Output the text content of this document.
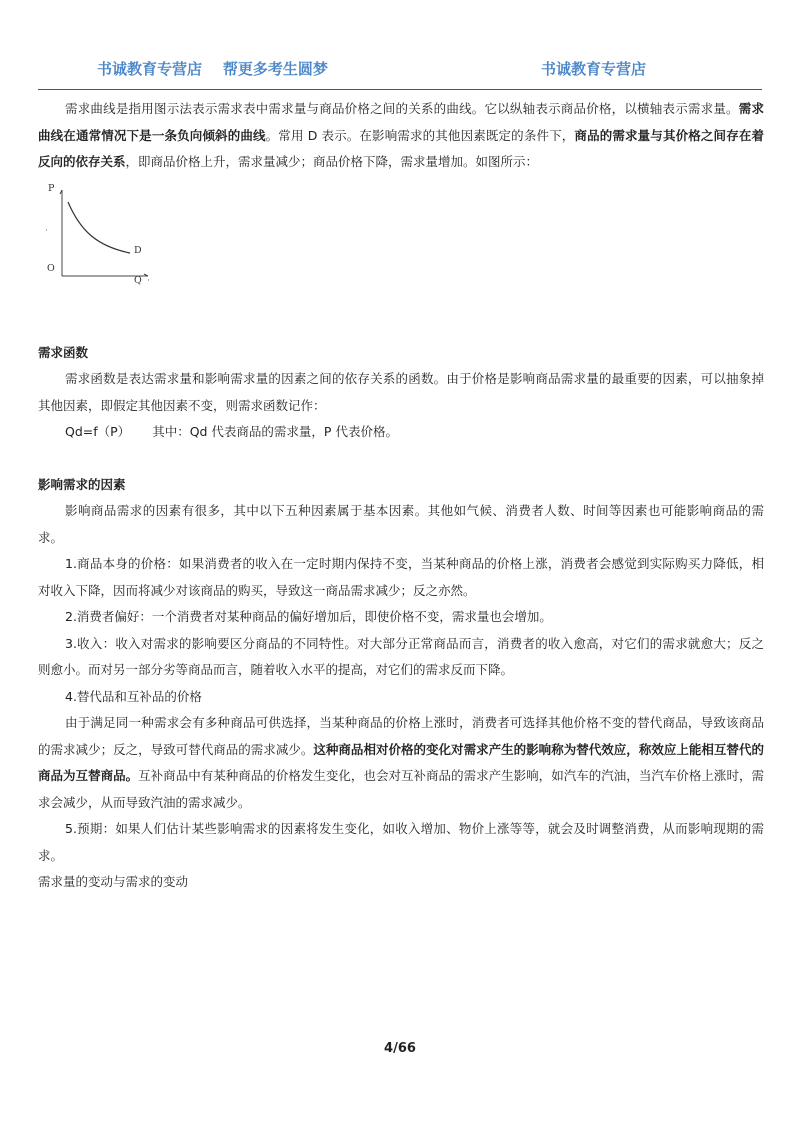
书诚教育专营店    帮更多考生圆梦	书诚教育专营店

需求曲线是指用图示法表示需求表中需求量与商品价格之间的关系的曲线。它以纵轴表示商品价格，以横轴表示需求量。需求曲线在通常情况下是一条负向倾斜的曲线。常用 D 表示。在影响需求的其他因素既定的条件下，商品的需求量与其价格之间存在着反向的依存关系，即商品价格上升，需求量减少；商品价格下降，需求量增加。如图所示：

P
D
O
Q

需求函数

需求函数是表达需求量和影响需求量的因素之间的依存关系的函数。由于价格是影响商品需求量的最重要的因素，可以抽象掉其他因素，即假定其他因素不变，则需求函数记作：

Qd=f（P） 其中：Qd 代表商品的需求量，P 代表价格。

影响需求的因素

影响商品需求的因素有很多，其中以下五种因素属于基本因素。其他如气候、消费者人数、时间等因素也可能影响商品的需求。

1.商品本身的价格：如果消费者的收入在一定时期内保持不变，当某种商品的价格上涨，消费者会感觉到实际购买力降低，相对收入下降，因而将减少对该商品的购买，导致这一商品需求减少；反之亦然。

2.消费者偏好：一个消费者对某种商品的偏好增加后，即使价格不变，需求量也会增加。

3.收入：收入对需求的影响要区分商品的不同特性。对大部分正常商品而言，消费者的收入愈高，对它们的需求就愈大；反之则愈小。而对另一部分劣等商品而言，随着收入水平的提高，对它们的需求反而下降。

4.替代品和互补品的价格

由于满足同一种需求会有多种商品可供选择，当某种商品的价格上涨时，消费者可选择其他价格不变的替代商品，导致该商品的需求减少；反之，导致可替代商品的需求减少。这种商品相对价格的变化对需求产生的影响称为替代效应，称效应上能相互替代的商品为互替商品。互补商品中有某种商品的价格发生变化，也会对互补商品的需求产生影响，如汽车的汽油，当汽车价格上涨时，需求会减少，从而导致汽油的需求减少。

5.预期：如果人们估计某些影响需求的因素将发生变化，如收入增加、物价上涨等等，就会及时调整消费，从而影响现期的需求。

需求量的变动与需求的变动

4/66
